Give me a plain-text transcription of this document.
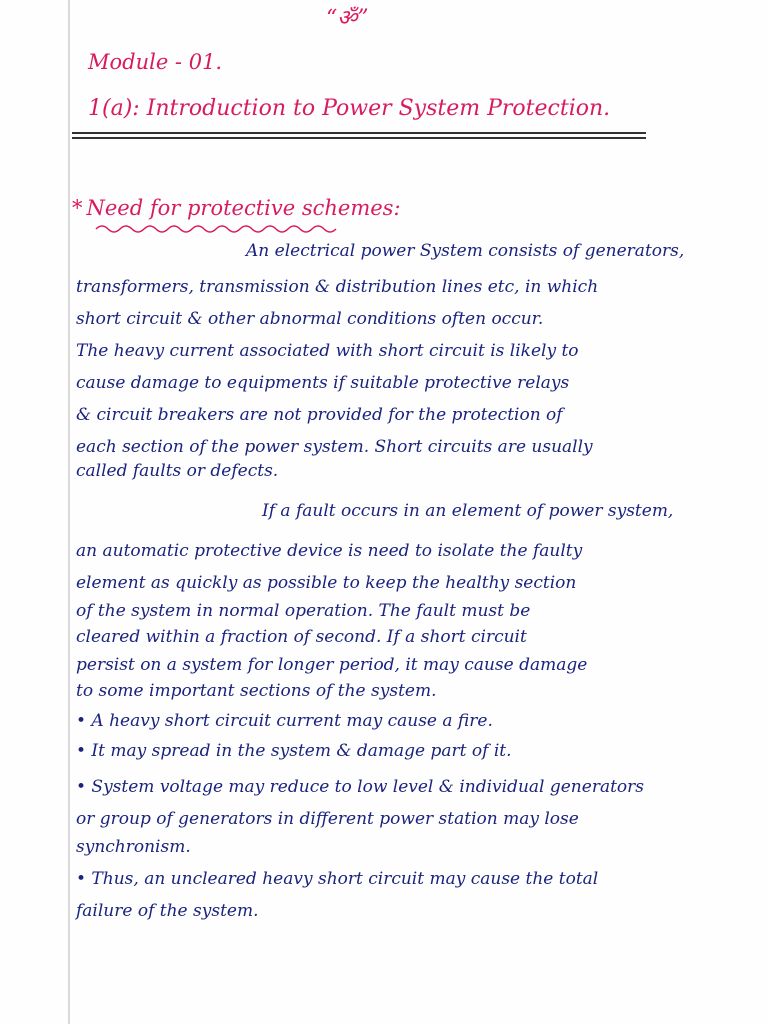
“ॐ”
Module - 01.
1(a): Introduction to Power System Protection.
* Need for protective schemes:
An electrical power System consists of generators,
transformers, transmission & distribution lines etc, in which
short circuit & other abnormal conditions often occur.
The heavy current associated with short circuit is likely to
cause damage to equipments if suitable protective relays
& circuit breakers are not provided for the protection of
each section of the power system. Short circuits are usually
called faults or defects.
If a fault occurs in an element of power system,
an automatic protective device is need to isolate the faulty
element as quickly as possible to keep the healthy section
of the system in normal operation. The fault must be
cleared within a fraction of second. If a short circuit
persist on a system for longer period, it may cause damage
to some important sections of the system.
• A heavy short circuit current may cause a fire.
• It may spread in the system & damage part of it.
• System voltage may reduce to low level & individual generators
or group of generators in different power station may lose
synchronism.
• Thus, an uncleared heavy short circuit may cause the total
failure of the system.
